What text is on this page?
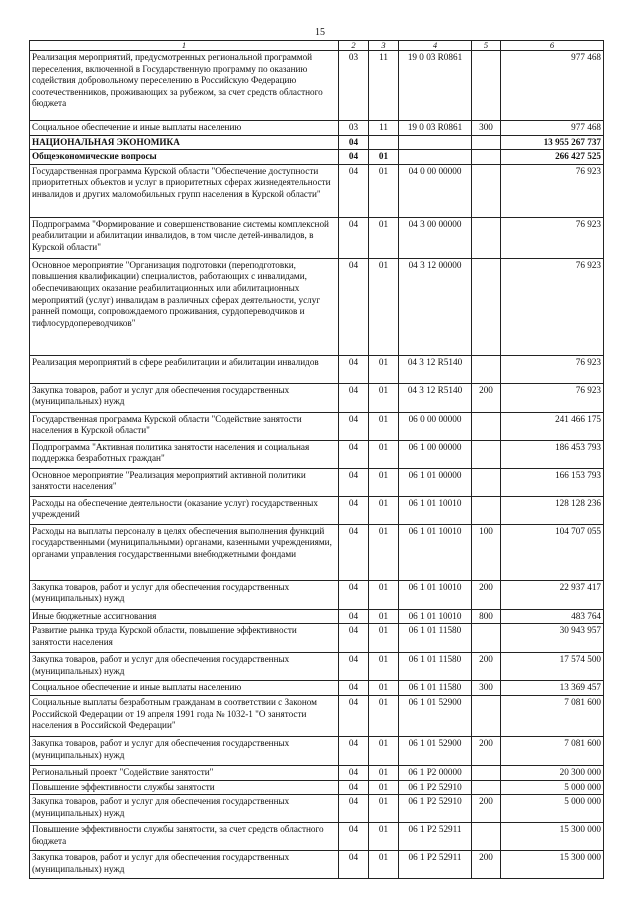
15
1	2	3	4	5	6
Реализация мероприятий, предусмотренных региональной программой переселения, включенной в Государственную программу по оказанию содействия добровольному переселению в Российскую Федерацию соотечественников, проживающих за рубежом, за счет средств областного бюджета	03	11	19 0 03 R0861		977 468
Социальное обеспечение и иные выплаты населению	03	11	19 0 03 R0861	300	977 468
НАЦИОНАЛЬНАЯ ЭКОНОМИКА	04				13 955 267 737
Общеэкономические вопросы	04	01			266 427 525
Государственная программа Курской области "Обеспечение доступности приоритетных объектов и услуг в приоритетных сферах жизнедеятельности инвалидов и других маломобильных групп населения в Курской области"	04	01	04 0 00 00000		76 923
Подпрограмма "Формирование и совершенствование системы комплексной реабилитации и абилитации инвалидов, в том числе детей-инвалидов, в Курской области"	04	01	04 3 00 00000		76 923
Основное мероприятие "Организация подготовки (переподготовки, повышения квалификации) специалистов, работающих с инвалидами, обеспечивающих оказание реабилитационных или абилитационных мероприятий (услуг) инвалидам в различных сферах деятельности, услуг ранней помощи, сопровождаемого проживания, сурдопереводчиков и тифлосурдопереводчиков"	04	01	04 3 12 00000		76 923
Реализация мероприятий в сфере реабилитации и абилитации инвалидов	04	01	04 3 12 R5140		76 923
Закупка товаров, работ и услуг для обеспечения государственных (муниципальных) нужд	04	01	04 3 12 R5140	200	76 923
Государственная программа Курской области "Содействие занятости населения в Курской области"	04	01	06 0 00 00000		241 466 175
Подпрограмма "Активная политика занятости населения и социальная поддержка безработных граждан"	04	01	06 1 00 00000		186 453 793
Основное мероприятие "Реализация мероприятий активной политики занятости населения"	04	01	06 1 01 00000		166 153 793
Расходы на обеспечение деятельности (оказание услуг) государственных учреждений	04	01	06 1 01 10010		128 128 236
Расходы на выплаты персоналу в целях обеспечения выполнения функций государственными (муниципальными) органами, казенными учреждениями, органами управления государственными внебюджетными фондами	04	01	06 1 01 10010	100	104 707 055
Закупка товаров, работ и услуг для обеспечения государственных (муниципальных) нужд	04	01	06 1 01 10010	200	22 937 417
Иные бюджетные ассигнования	04	01	06 1 01 10010	800	483 764
Развитие рынка труда Курской области, повышение эффективности занятости населения	04	01	06 1 01 11580		30 943 957
Закупка товаров, работ и услуг для обеспечения государственных (муниципальных) нужд	04	01	06 1 01 11580	200	17 574 500
Социальное обеспечение и иные выплаты населению	04	01	06 1 01 11580	300	13 369 457
Социальные выплаты безработным гражданам в соответствии с Законом Российской Федерации от 19 апреля 1991 года № 1032-1 "О занятости населения в Российской Федерации"	04	01	06 1 01 52900		7 081 600
Закупка товаров, работ и услуг для обеспечения государственных (муниципальных) нужд	04	01	06 1 01 52900	200	7 081 600
Региональный проект "Содействие занятости"	04	01	06 1 P2 00000		20 300 000
Повышение эффективности службы занятости	04	01	06 1 P2 52910		5 000 000
Закупка товаров, работ и услуг для обеспечения государственных (муниципальных) нужд	04	01	06 1 P2 52910	200	5 000 000
Повышение эффективности службы занятости, за счет средств областного бюджета	04	01	06 1 P2 52911		15 300 000
Закупка товаров, работ и услуг для обеспечения государственных (муниципальных) нужд	04	01	06 1 P2 52911	200	15 300 000
